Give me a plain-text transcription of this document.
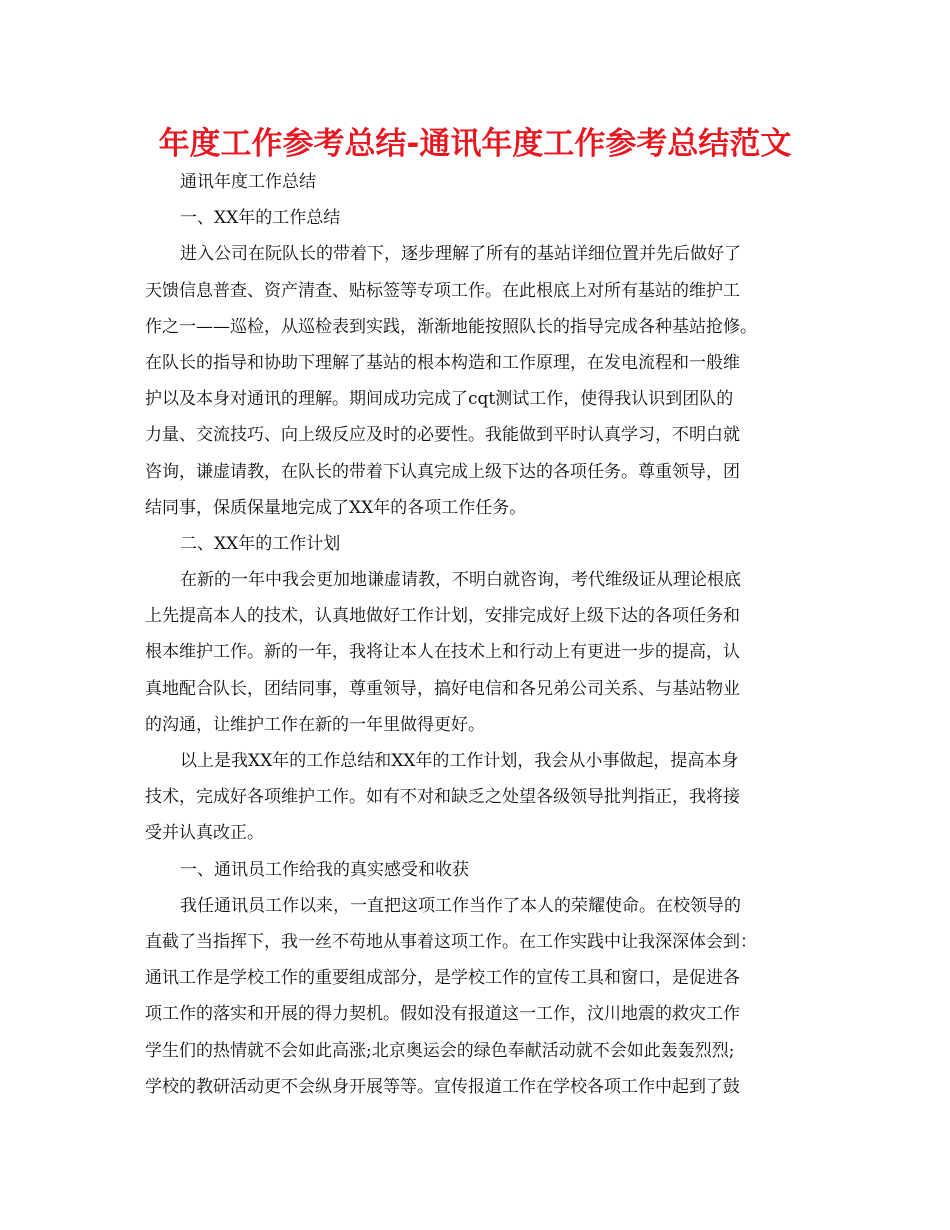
年度工作参考总结-通讯年度工作参考总结范文
通讯年度工作总结
一、XX年的工作总结
进入公司在阮队长的带着下，逐步理解了所有的基站详细位置并先后做好了
天馈信息普查、资产清查、贴标签等专项工作。在此根底上对所有基站的维护工
作之一——巡检，从巡检表到实践，渐渐地能按照队长的指导完成各种基站抢修。
在队长的指导和协助下理解了基站的根本构造和工作原理，在发电流程和一般维
护以及本身对通讯的理解。期间成功完成了cqt测试工作，使得我认识到团队的
力量、交流技巧、向上级反应及时的必要性。我能做到平时认真学习，不明白就
咨询，谦虚请教，在队长的带着下认真完成上级下达的各项任务。尊重领导，团
结同事，保质保量地完成了XX年的各项工作任务。
二、XX年的工作计划
在新的一年中我会更加地谦虚请教，不明白就咨询，考代维级证从理论根底
上先提高本人的技术，认真地做好工作计划，安排完成好上级下达的各项任务和
根本维护工作。新的一年，我将让本人在技术上和行动上有更进一步的提高，认
真地配合队长，团结同事，尊重领导，搞好电信和各兄弟公司关系、与基站物业
的沟通，让维护工作在新的一年里做得更好。
以上是我XX年的工作总结和XX年的工作计划，我会从小事做起，提高本身
技术，完成好各项维护工作。如有不对和缺乏之处望各级领导批判指正，我将接
受并认真改正。
一、通讯员工作给我的真实感受和收获
我任通讯员工作以来，一直把这项工作当作了本人的荣耀使命。在校领导的
直截了当指挥下，我一丝不苟地从事着这项工作。在工作实践中让我深深体会到：
通讯工作是学校工作的重要组成部分，是学校工作的宣传工具和窗口，是促进各
项工作的落实和开展的得力契机。假如没有报道这一工作，汶川地震的救灾工作
学生们的热情就不会如此高涨;北京奥运会的绿色奉献活动就不会如此轰轰烈烈;
学校的教研活动更不会纵身开展等等。宣传报道工作在学校各项工作中起到了鼓
